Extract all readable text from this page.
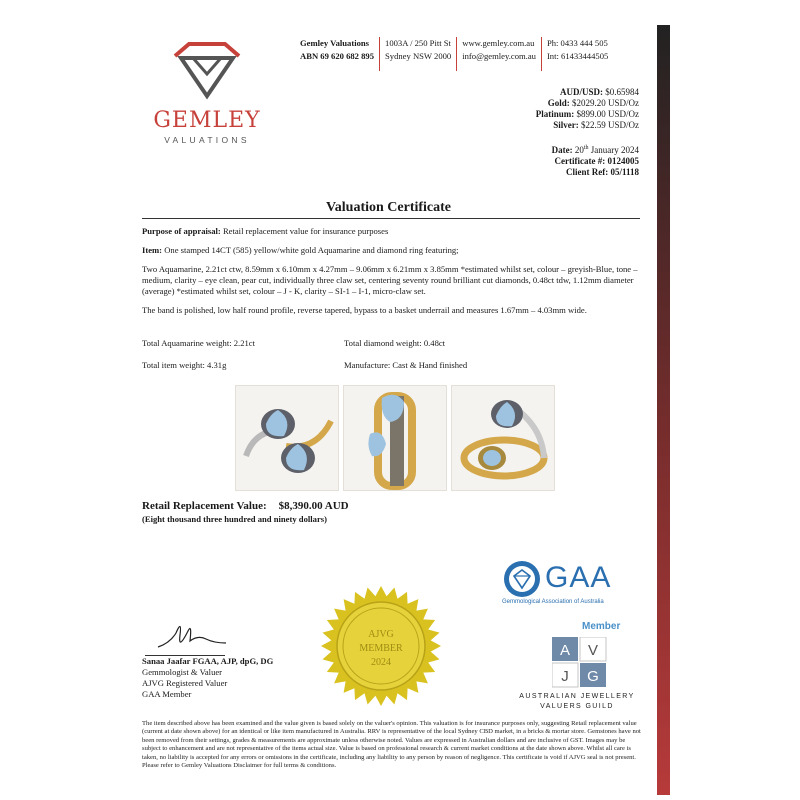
GEMLEY
VALUATIONS
Gemley Valuations
ABN 69 620 682 895
1003A / 250 Pitt St
Sydney NSW 2000
www.gemley.com.au
info@gemley.com.au
Ph: 0433 444 505
Int: 61433444505
AUD/USD: $0.65984
Gold: $2029.20 USD/Oz
Platinum: $899.00 USD/Oz
Silver: $22.59 USD/Oz
Date: 20th January 2024
Certificate #: 0124005
Client Ref: 05/1118
Valuation Certificate

Purpose of appraisal: Retail replacement value for insurance purposes

Item: One stamped 14CT (585) yellow/white gold Aquamarine and diamond ring featuring;

Two Aquamarine, 2.21ct ctw, 8.59mm x 6.10mm x 4.27mm – 9.06mm x 6.21mm x 3.85mm *estimated whilst set, colour – greyish-Blue, tone – medium, clarity – eye clean, pear cut, individually three claw set, centering seventy round brilliant cut diamonds, 0.48ct tdw, 1.12mm diameter (average) *estimated whilst set, colour – J - K, clarity – SI-1 – I-1, micro-claw set.

The band is polished, low half round profile, reverse tapered, bypass to a basket underrail and measures 1.67mm – 4.03mm wide.

Total Aquamarine weight: 2.21ct	Total diamond weight: 0.48ct
Total item weight: 4.31g	Manufacture: Cast & Hand finished
Retail Replacement Value: $8,390.00 AUD
(Eight thousand three hundred and ninety dollars)
GAA
Gemmological Association of Australia
Member
A V
J G
AUSTRALIAN JEWELLERY
VALUERS GUILD
AJVG
MEMBER
2024
Sanaa Jaafar FGAA, AJP, dpG, DG
Gemmologist & Valuer
AJVG Registered Valuer
GAA Member
The item described above has been examined and the value given is based solely on the valuer's opinion. This valuation is for insurance purposes only, suggesting Retail replacement value (current at date shown above) for an identical or like item manufactured in Australia. RRV is representative of the local Sydney CBD market, in a bricks & mortar store. Gemstones have not been removed from their settings, grades & measurements are approximate unless otherwise noted. Values are expressed in Australian dollars and are inclusive of GST. Images may be subject to enhancement and are not representative of the items actual size. Value is based on professional research & current market conditions at the date shown above. Whilst all care is taken, no liability is accepted for any errors or omissions in the certificate, including any liability to any person by reason of negligence. This certificate is void if AJVG seal is not present. Please refer to Gemley Valuations Disclaimer for full terms & conditions.
